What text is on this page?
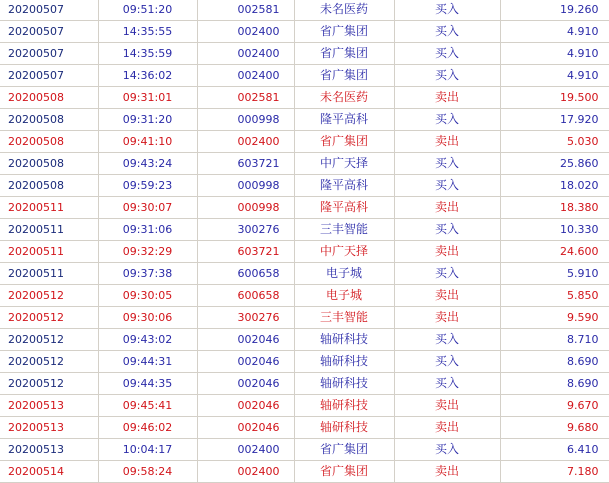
20200507	09:51:20	002581	未名医药	买入	19.260
20200507	14:35:55	002400	省广集团	买入	4.910
20200507	14:35:59	002400	省广集团	买入	4.910
20200507	14:36:02	002400	省广集团	买入	4.910
20200508	09:31:01	002581	未名医药	卖出	19.500
20200508	09:31:20	000998	隆平高科	买入	17.920
20200508	09:41:10	002400	省广集团	卖出	5.030
20200508	09:43:24	603721	中广天择	买入	25.860
20200508	09:59:23	000998	隆平高科	买入	18.020
20200511	09:30:07	000998	隆平高科	卖出	18.380
20200511	09:31:06	300276	三丰智能	买入	10.330
20200511	09:32:29	603721	中广天择	卖出	24.600
20200511	09:37:38	600658	电子城	买入	5.910
20200512	09:30:05	600658	电子城	卖出	5.850
20200512	09:30:06	300276	三丰智能	卖出	9.590
20200512	09:43:02	002046	轴研科技	买入	8.710
20200512	09:44:31	002046	轴研科技	买入	8.690
20200512	09:44:35	002046	轴研科技	买入	8.690
20200513	09:45:41	002046	轴研科技	卖出	9.670
20200513	09:46:02	002046	轴研科技	卖出	9.680
20200513	10:04:17	002400	省广集团	买入	6.410
20200514	09:58:24	002400	省广集团	卖出	7.180
